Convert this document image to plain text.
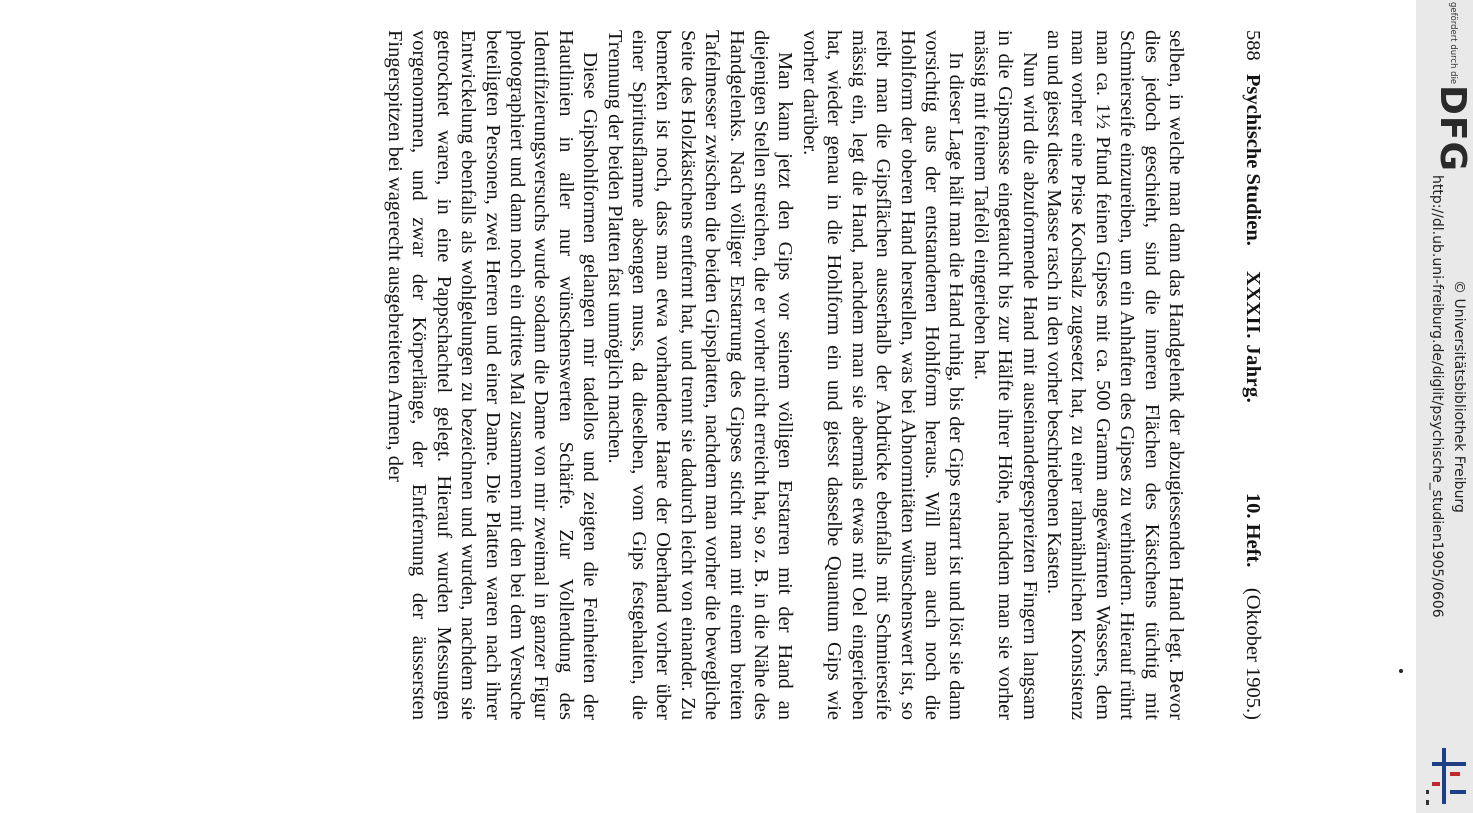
588 Psychische Studien. XXXII. Jahrg.
10. Heft.    (Oktober 1905.)

selben, in welche man dann das Handgelenk der abzugiessenden Hand legt. Bevor dies jedoch geschieht, sind die inneren Flächen des Kästchens tüchtig mit Schmierseife einzureiben, um ein Anhaften des Gipses zu verhindern. Hierauf rührt man ca. 1½ Pfund feinen Gipses mit ca. 500 Gramm angewärmten Wassers, dem man vorher eine Prise Kochsalz zugesetzt hat, zu einer rahmähnlichen Konsistenz an und giesst diese Masse rasch in den vorher beschriebenen Kasten.

Nun wird die abzuformende Hand mit auseinandergespreizten Fingern langsam in die Gipsmasse eingetaucht bis zur Hälfte ihrer Höhe, nachdem man sie vorher mässig mit feinem Tafelöl eingerieben hat.

In dieser Lage hält man die Hand ruhig, bis der Gips erstarrt ist und löst sie dann vorsichtig aus der entstandenen Hohlform heraus. Will man auch noch die Hohlform der oberen Hand herstellen, was bei Abnormitäten wünschenswert ist, so reibt man die Gipsflächen ausserhalb der Abdrücke ebenfalls mit Schmierseife mässig ein, legt die Hand, nachdem man sie abermals etwas mit Oel eingerieben hat, wieder genau in die Hohlform ein und giesst dasselbe Quantum Gips wie vorher darüber.

Man kann jetzt den Gips vor seinem völligen Erstarren mit der Hand an diejenigen Stellen streichen, die er vorher nicht erreicht hat, so z. B. in die Nähe des Handgelenks. Nach völliger Erstarrung des Gipses sticht man mit einem breiten Tafelmesser zwischen die beiden Gipsplatten, nachdem man vorher die bewegliche Seite des Holzkästchens entfernt hat, und trennt sie dadurch leicht von einander. Zu bemerken ist noch, dass man etwa vorhandene Haare der Oberhand vorher über einer Spiritusflamme absengen muss, da dieselben, vom Gips festgehalten, die Trennung der beiden Platten fast unmöglich machen.

Diese Gipshohlformen gelangen mir tadellos und zeigten die Feinheiten der Hautlinien in aller nur wünschenswerten Schärfe. Zur Vollendung des Identifizierungsversuchs wurde sodann die Dame von mir zweimal in ganzer Figur photographiert und dann noch ein drittes Mal zusammen mit den bei dem Versuche beteiligten Personen, zwei Herren und einer Dame. Die Platten waren nach ihrer Entwickelung ebenfalls als wohlgelungen zu bezeichnen und wurden, nachdem sie getrocknet waren, in eine Pappschachtel gelegt. Hierauf wurden Messungen vorgenommen, und zwar der Körperlänge, der Entfernung der äussersten Fingerspitzen bei wagerecht ausgebreiteten Armen, der	gefördert durch die
DFG
http://dl.ub.uni-freiburg.de/diglit/psychische_studien1905/0606 © Universitätsbibliothek Freiburg
